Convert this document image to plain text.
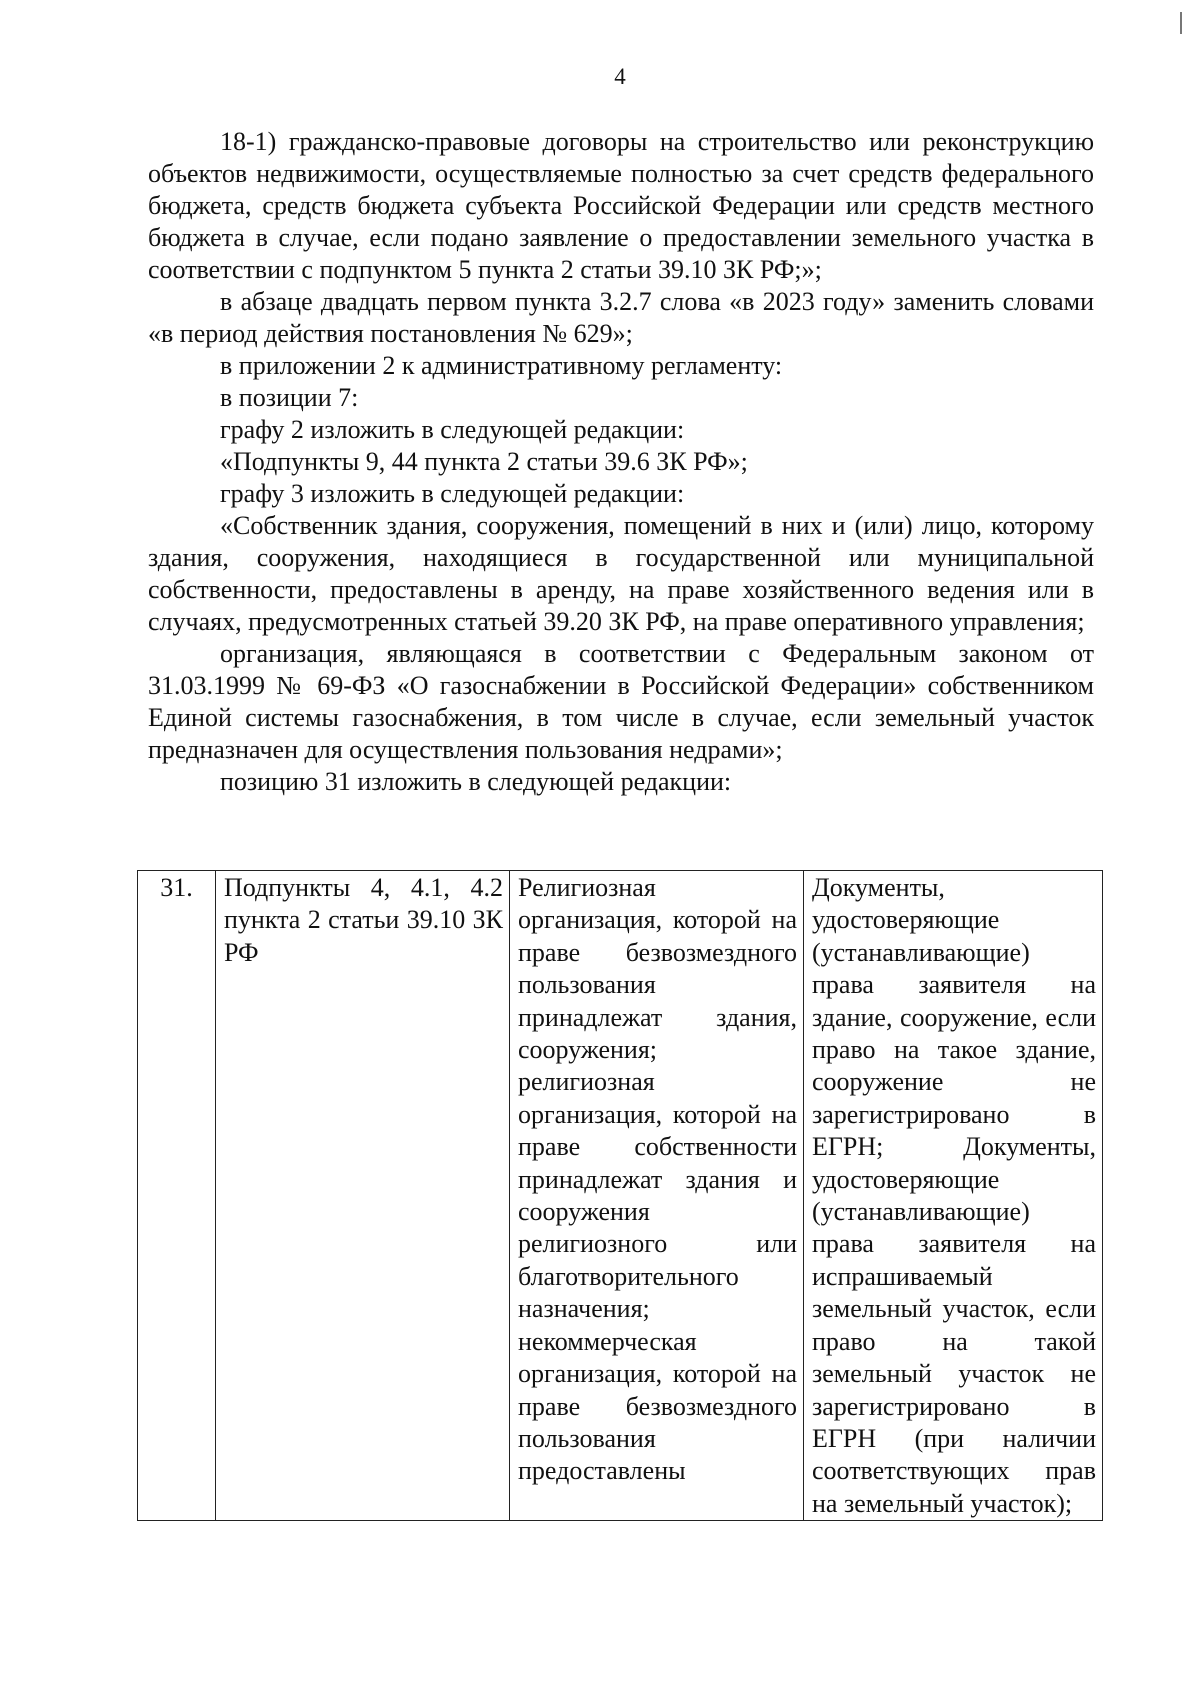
4

18-1) гражданско-правовые договоры на строительство или реконструкцию объектов недвижимости, осуществляемые полностью за счет средств федерального бюджета, средств бюджета субъекта Российской Федерации или средств местного бюджета в случае, если подано заявление о предоставлении земельного участка в соответствии с подпунктом 5 пункта 2 статьи 39.10 ЗК РФ;»;

в абзаце двадцать первом пункта 3.2.7 слова «в 2023 году» заменить словами «в период действия постановления № 629»;

в приложении 2 к административному регламенту:

в позиции 7:

графу 2 изложить в следующей редакции:

«Подпункты 9, 44 пункта 2 статьи 39.6 ЗК РФ»;

графу 3 изложить в следующей редакции:

«Собственник здания, сооружения, помещений в них и (или) лицо, которому здания, сооружения, находящиеся в государственной или муниципальной собственности, предоставлены в аренду, на праве хозяйственного ведения или в случаях, предусмотренных статьей 39.20 ЗК РФ, на праве оперативного управления;

организация, являющаяся в соответствии с Федеральным законом от 31.03.1999 № 69-ФЗ «О газоснабжении в Российской Федерации» собственником Единой системы газоснабжения, в том числе в случае, если земельный участок предназначен для осуществления пользования недрами»;

позицию 31 изложить в следующей редакции:

31.	Подпункты 4, 4.1, 4.2 пункта 2 статьи 39.10 ЗК РФ	Религиозная организация, которой на праве безвозмездного пользования принадлежат здания, сооружения; религиозная организация, которой на праве собственности принадлежат здания и сооружения религиозного или благотворительного назначения; некоммерческая организация, которой на праве безвозмездного пользования предоставлены	Документы, удостоверяющие (устанавливающие) права заявителя на здание, сооружение, если право на такое здание, сооружение не зарегистрировано в ЕГРН; Документы, удостоверяющие (устанавливающие) права заявителя на испрашиваемый земельный участок, если право на такой земельный участок не зарегистрировано в ЕГРН (при наличии соответствующих прав на земельный участок);
